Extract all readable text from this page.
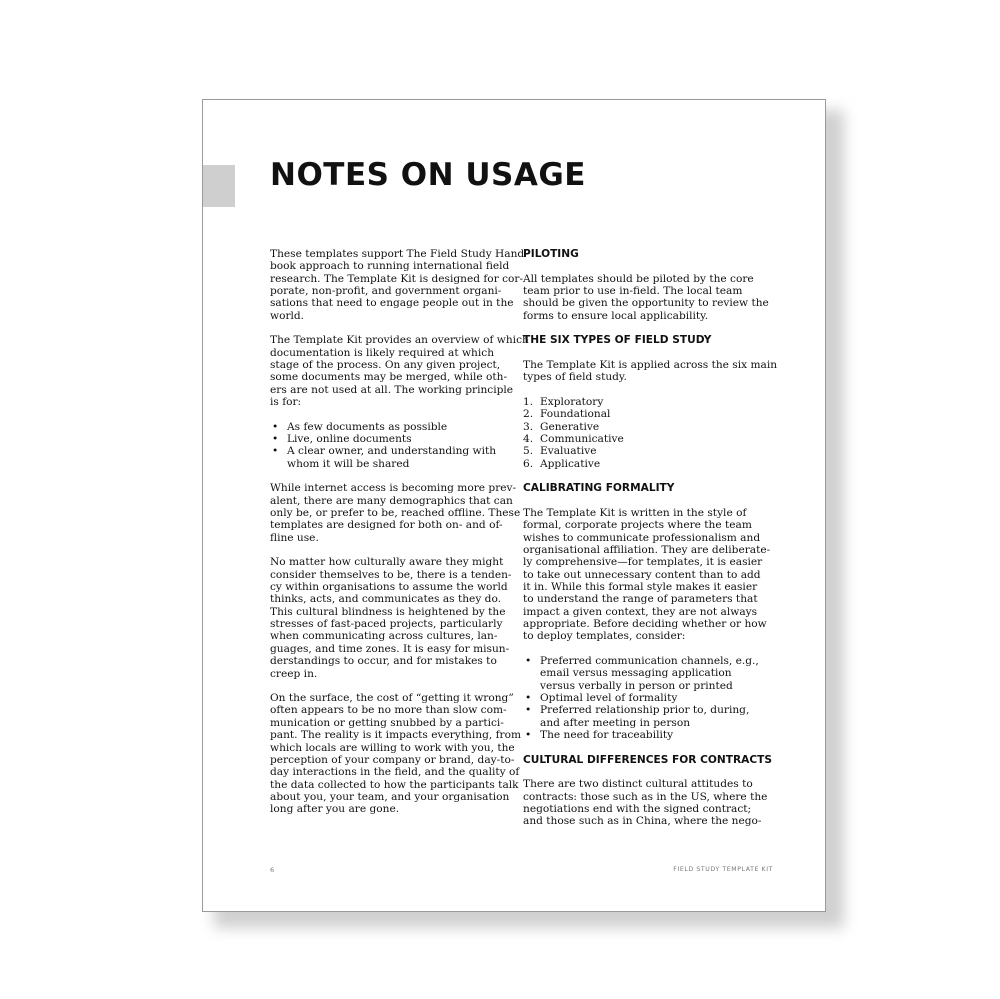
NOTES ON USAGE

These templates support The Field Study Hand-
book approach to running international field
research. The Template Kit is designed for cor-
porate, non-profit, and government organi-
sations that need to engage people out in the
world.

The Template Kit provides an overview of which
documentation is likely required at which
stage of the process. On any given project,
some documents may be merged, while oth-
ers are not used at all. The working principle
is for:

• As few documents as possible
• Live, online documents
• A clear owner, and understanding with whom it will be shared

While internet access is becoming more prev-
alent, there are many demographics that can
only be, or prefer to be, reached offline. These
templates are designed for both on- and of-
fline use.

No matter how culturally aware they might
consider themselves to be, there is a tenden-
cy within organisations to assume the world
thinks, acts, and communicates as they do.
This cultural blindness is heightened by the
stresses of fast-paced projects, particularly
when communicating across cultures, lan-
guages, and time zones. It is easy for misun-
derstandings to occur, and for mistakes to
creep in.

On the surface, the cost of “getting it wrong”
often appears to be no more than slow com-
munication or getting snubbed by a partici-
pant. The reality is it impacts everything, from
which locals are willing to work with you, the
perception of your company or brand, day-to-
day interactions in the field, and the quality of
the data collected to how the participants talk
about you, your team, and your organisation
long after you are gone.

PILOTING

All templates should be piloted by the core
team prior to use in-field. The local team
should be given the opportunity to review the
forms to ensure local applicability.

THE SIX TYPES OF FIELD STUDY

The Template Kit is applied across the six main
types of field study.

1. Exploratory
2. Foundational
3. Generative
4. Communicative
5. Evaluative
6. Applicative
CALIBRATING FORMALITY

The Template Kit is written in the style of
formal, corporate projects where the team
wishes to communicate professionalism and
organisational affiliation. They are deliberate-
ly comprehensive—for templates, it is easier
to take out unnecessary content than to add
it in. While this formal style makes it easier
to understand the range of parameters that
impact a given context, they are not always
appropriate. Before deciding whether or how
to deploy templates, consider:

• Preferred communication channels, e.g., email versus messaging application versus verbally in person or printed
• Optimal level of formality
• Preferred relationship prior to, during, and after meeting in person
• The need for traceability
CULTURAL DIFFERENCES FOR CONTRACTS

There are two distinct cultural attitudes to
contracts: those such as in the US, where the
negotiations end with the signed contract;
and those such as in China, where the nego-

6	FIELD STUDY TEMPLATE KIT
